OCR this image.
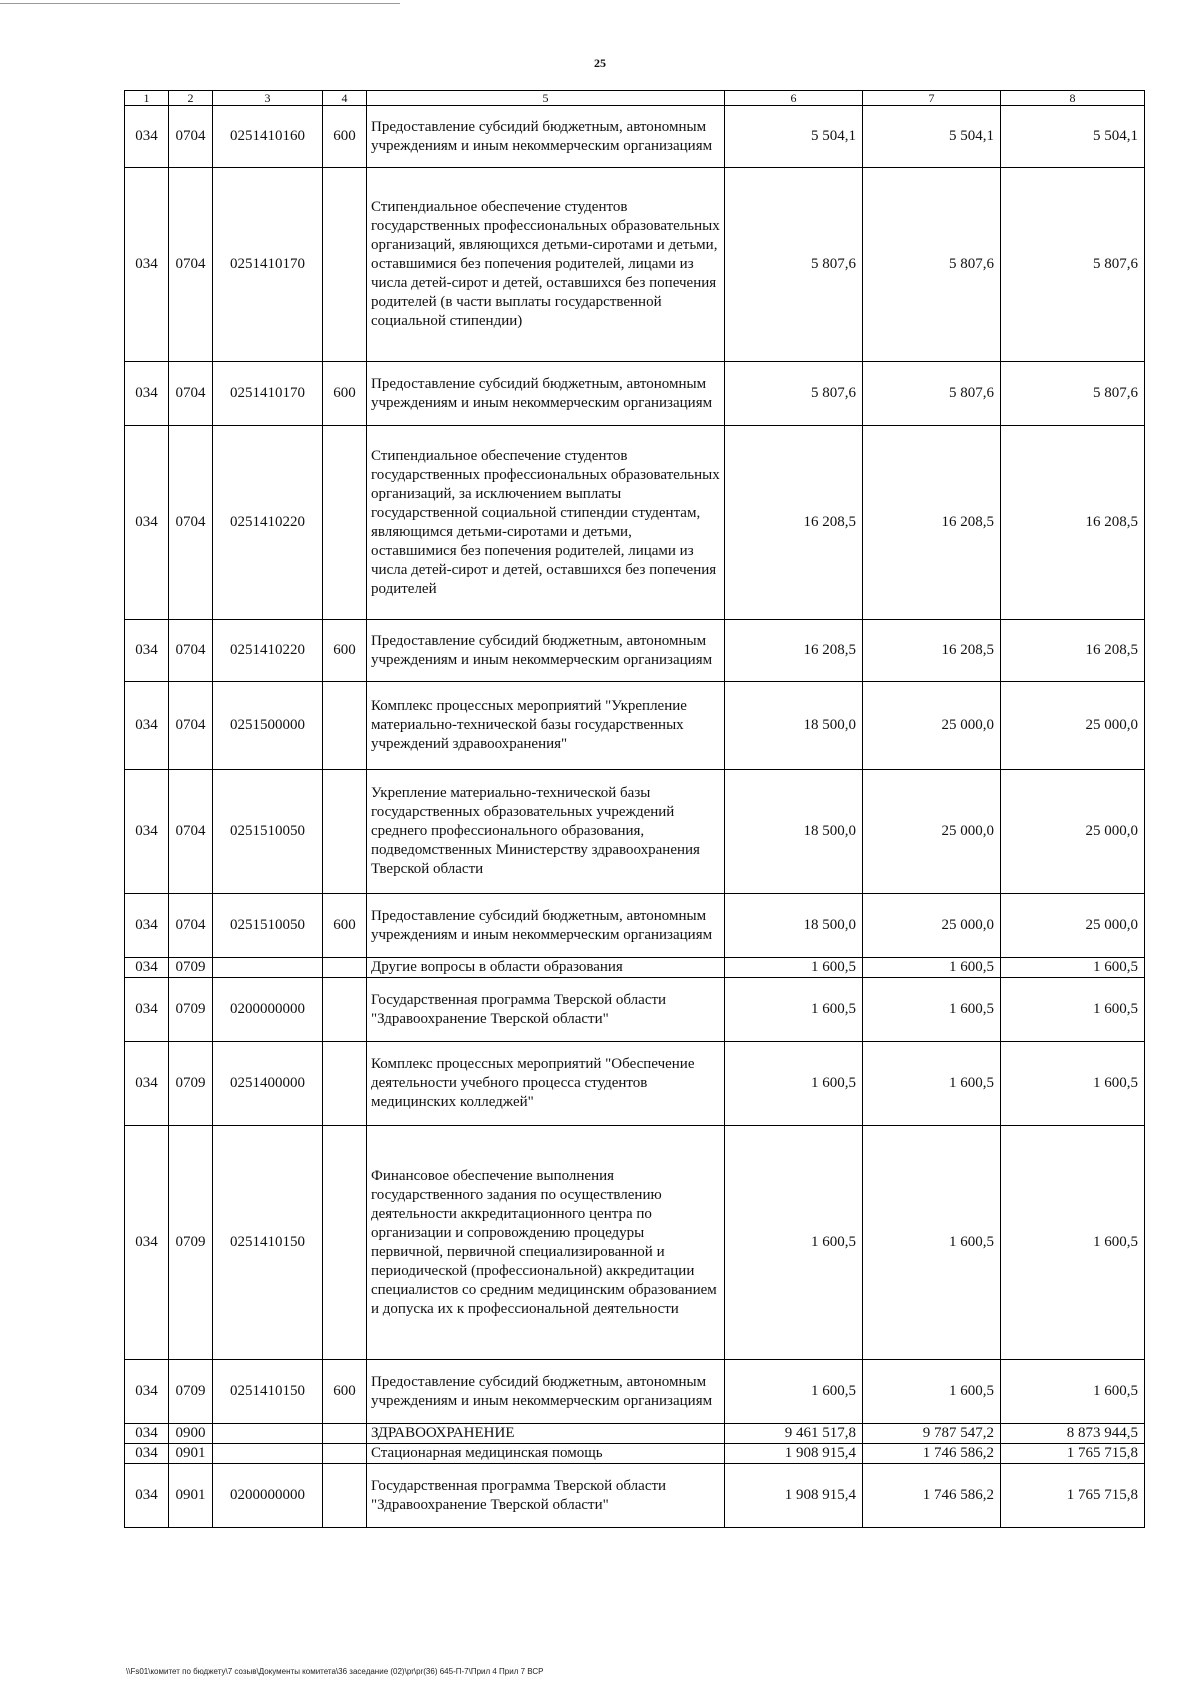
25
1	2	3	4	5	6	7	8
034	0704	0251410160	600	Предоставление субсидий бюджетным, автономным учреждениям и иным некоммерческим организациям	5 504,1	5 504,1	5 504,1
034	0704	0251410170		Стипендиальное обеспечение студентов государственных профессиональных образовательных организаций, являющихся детьми-сиротами и детьми, оставшимися без попечения родителей, лицами из числа детей-сирот и детей, оставшихся без попечения родителей (в части выплаты государственной социальной стипендии)	5 807,6	5 807,6	5 807,6
034	0704	0251410170	600	Предоставление субсидий бюджетным, автономным учреждениям и иным некоммерческим организациям	5 807,6	5 807,6	5 807,6
034	0704	0251410220		Стипендиальное обеспечение студентов государственных профессиональных образовательных организаций, за исключением выплаты государственной социальной стипендии студентам, являющимся детьми-сиротами и детьми, оставшимися без попечения родителей, лицами из числа детей-сирот и детей, оставшихся без попечения родителей	16 208,5	16 208,5	16 208,5
034	0704	0251410220	600	Предоставление субсидий бюджетным, автономным учреждениям и иным некоммерческим организациям	16 208,5	16 208,5	16 208,5
034	0704	0251500000		Комплекс процессных мероприятий "Укрепление материально-технической базы государственных учреждений здравоохранения"	18 500,0	25 000,0	25 000,0
034	0704	0251510050		Укрепление материально-технической базы государственных образовательных учреждений среднего профессионального образования, подведомственных Министерству здравоохранения Тверской области	18 500,0	25 000,0	25 000,0
034	0704	0251510050	600	Предоставление субсидий бюджетным, автономным учреждениям и иным некоммерческим организациям	18 500,0	25 000,0	25 000,0
034	0709			Другие вопросы в области образования	1 600,5	1 600,5	1 600,5
034	0709	0200000000		Государственная программа Тверской области "Здравоохранение Тверской области"	1 600,5	1 600,5	1 600,5
034	0709	0251400000		Комплекс процессных мероприятий "Обеспечение деятельности учебного процесса студентов медицинских колледжей"	1 600,5	1 600,5	1 600,5
034	0709	0251410150		Финансовое обеспечение выполнения государственного задания по осуществлению деятельности аккредитационного центра по организации и сопровождению процедуры первичной, первичной специализированной и периодической (профессиональной) аккредитации специалистов со средним медицинским образованием и допуска их к профессиональной деятельности	1 600,5	1 600,5	1 600,5
034	0709	0251410150	600	Предоставление субсидий бюджетным, автономным учреждениям и иным некоммерческим организациям	1 600,5	1 600,5	1 600,5
034	0900			ЗДРАВООХРАНЕНИЕ	9 461 517,8	9 787 547,2	8 873 944,5
034	0901			Стационарная медицинская помощь	1 908 915,4	1 746 586,2	1 765 715,8
034	0901	0200000000		Государственная программа Тверской области "Здравоохранение Тверской области"	1 908 915,4	1 746 586,2	1 765 715,8
\\Fs01\комитет по бюджету\7 созыв\Документы комитета\36 заседание (02)\pr\pr(36) 645-П-7\Прил 4 Прил 7 ВСР
